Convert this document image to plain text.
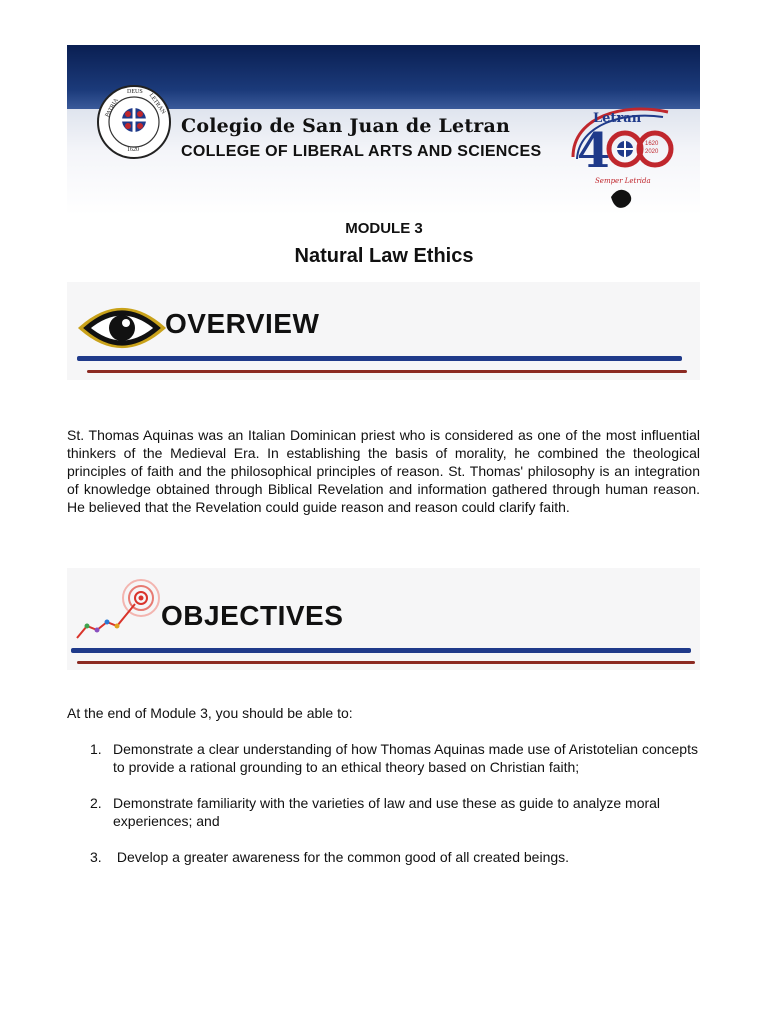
PATRIA
DEUS
LETRAN
1620
Colegio de San Juan de Letran
COLLEGE OF LIBERAL ARTS AND SCIENCES 4
Letran
1620
2020
Semper Letrida
MODULE 3
Natural Law Ethics
OVERVIEW

St. Thomas Aquinas was an Italian Dominican priest who is considered as one of the most influential thinkers of the Medieval Era. In establishing the basis of morality, he combined the theological principles of faith and the philosophical principles of reason. St. Thomas' philosophy is an integration of knowledge obtained through Biblical Revelation and information gathered through human reason. He believed that the Revelation could guide reason and reason could clarify faith.

OBJECTIVES

At the end of Module 3, you should be able to:

1. Demonstrate a clear understanding of how Thomas Aquinas made use of Aristotelian concepts to provide a rational grounding to an ethical theory based on Christian faith;
2. Demonstrate familiarity with the varieties of law and use these as guide to analyze moral experiences; and
3. Develop a greater awareness for the common good of all created beings.
